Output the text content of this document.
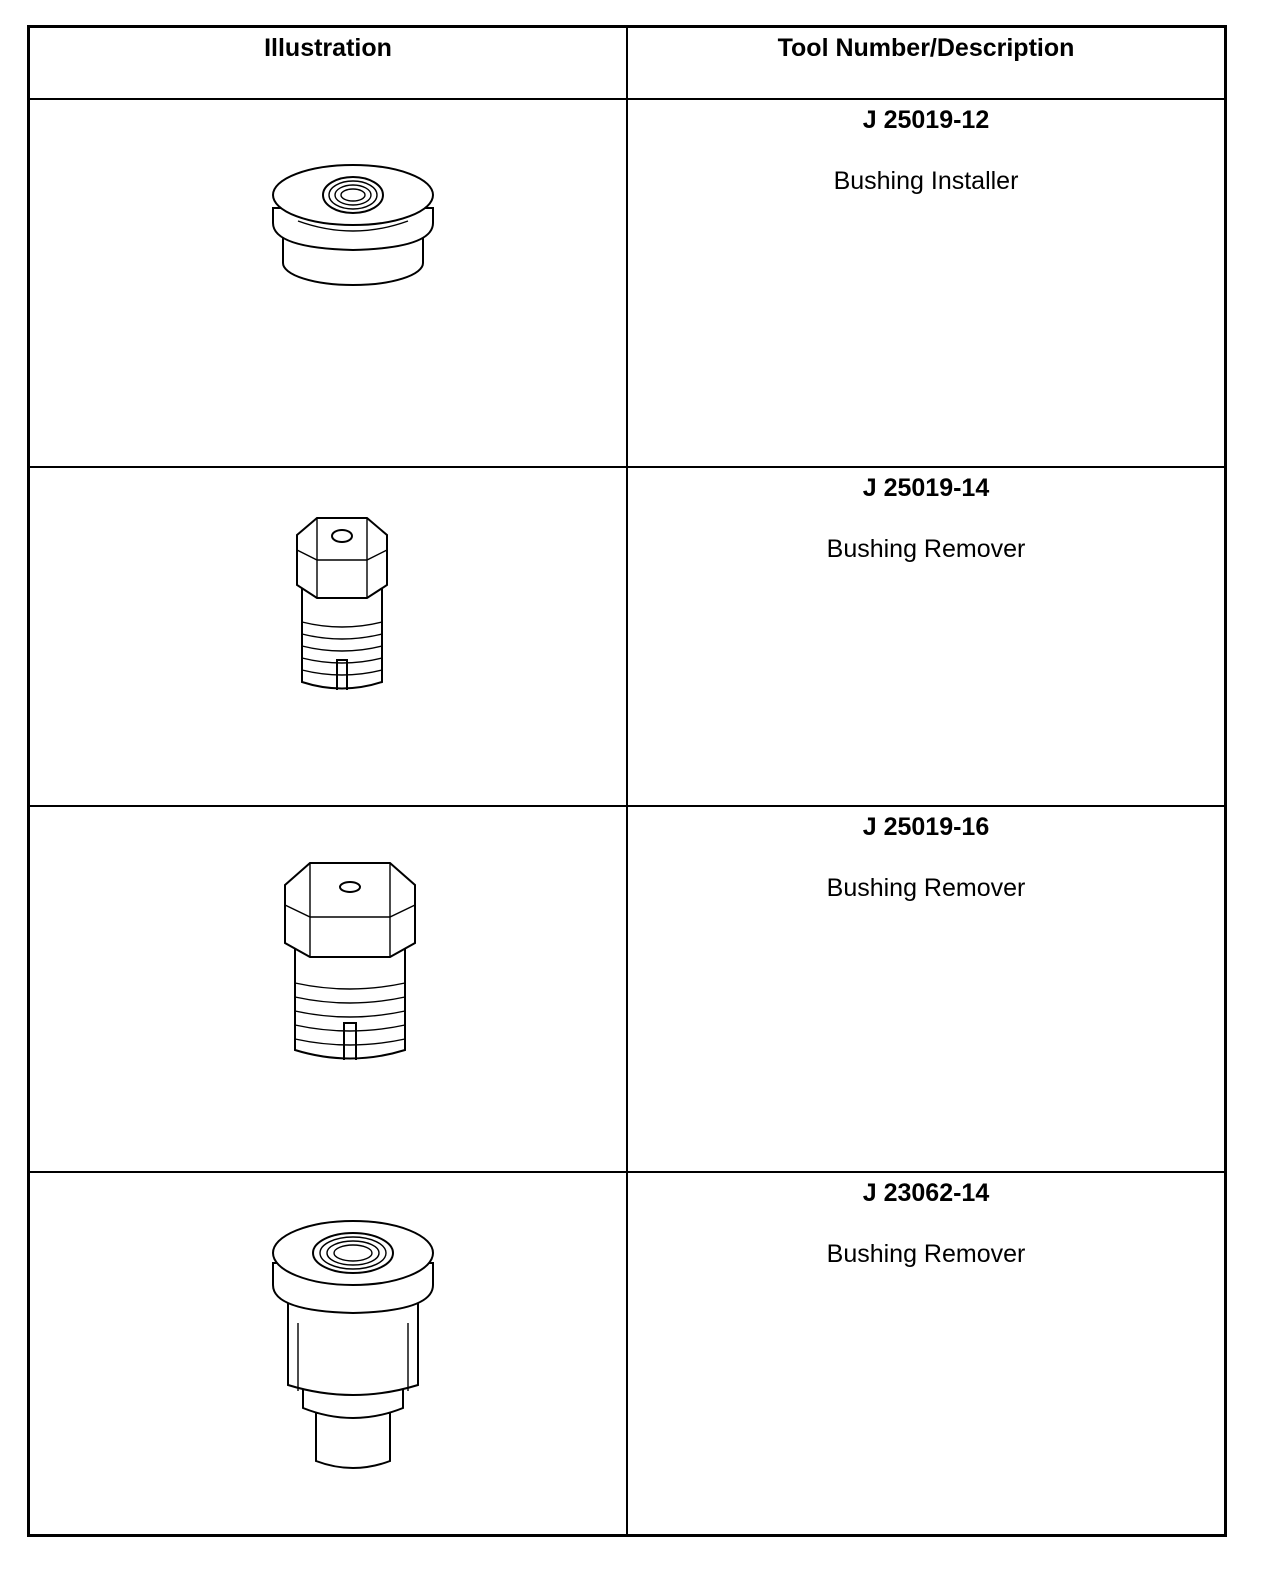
Illustration	Tool Number/Description
J 25019-12
Bushing Installer
J 25019-14
Bushing Remover
J 25019-16
Bushing Remover
J 23062-14
Bushing Remover
